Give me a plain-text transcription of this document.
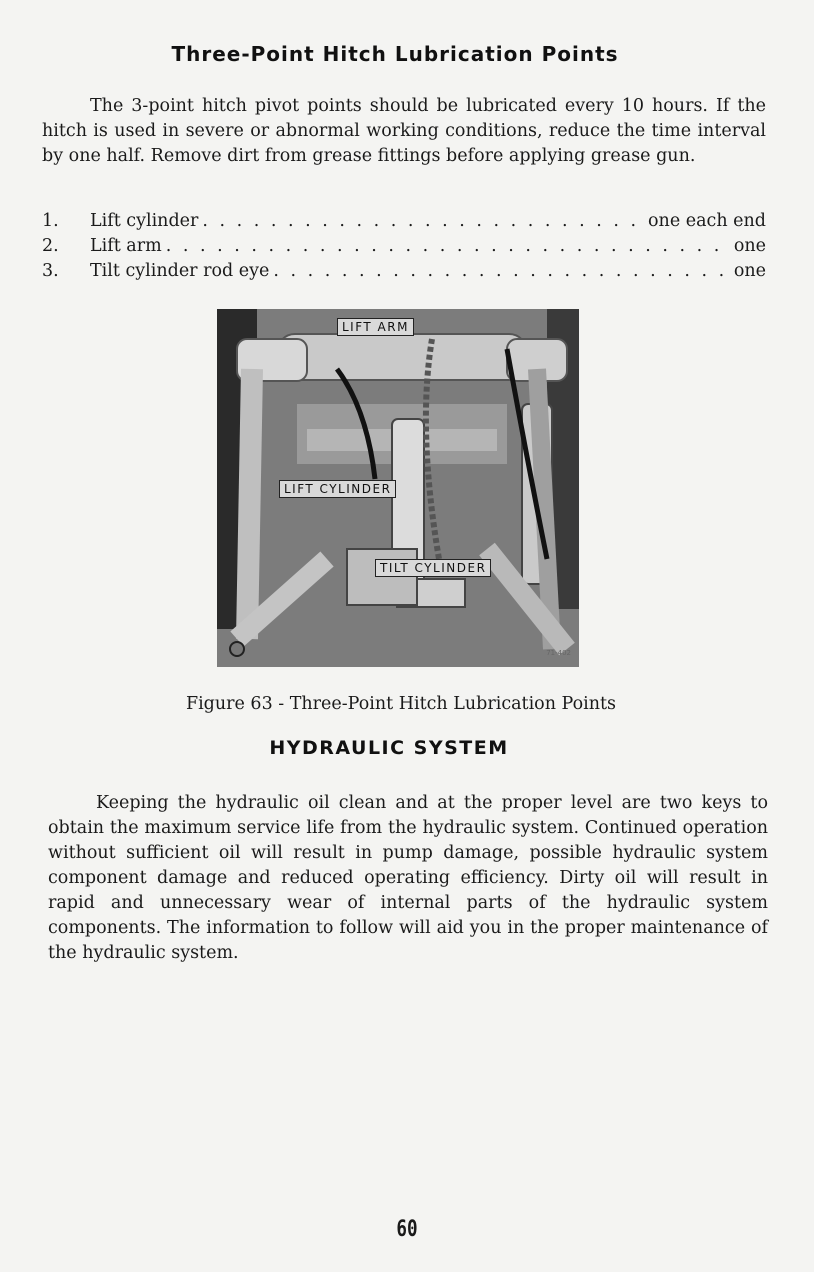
Three-Point Hitch Lubrication Points

The 3-point hitch pivot points should be lubricated every 10 hours. If the hitch is used in severe or abnormal working conditions, reduce the time interval by one half. Remove dirt from grease fittings before applying grease gun.

1.	Lift cylinder . . .	one each end
2.	Lift arm . . .	one
3.	Tilt cylinder rod eye . . .	one
LIFT ARM
LIFT CYLINDER
TILT CYLINDER
71-402
Figure 63 - Three-Point Hitch Lubrication Points
HYDRAULIC SYSTEM

Keeping the hydraulic oil clean and at the proper level are two keys to obtain the maximum service life from the hydraulic system. Continued operation without sufficient oil will result in pump damage, possible hydraulic system component damage and reduced operating efficiency. Dirty oil will result in rapid and unnecessary wear of internal parts of the hydraulic system components. The information to follow will aid you in the proper maintenance of the hydraulic system.

60
